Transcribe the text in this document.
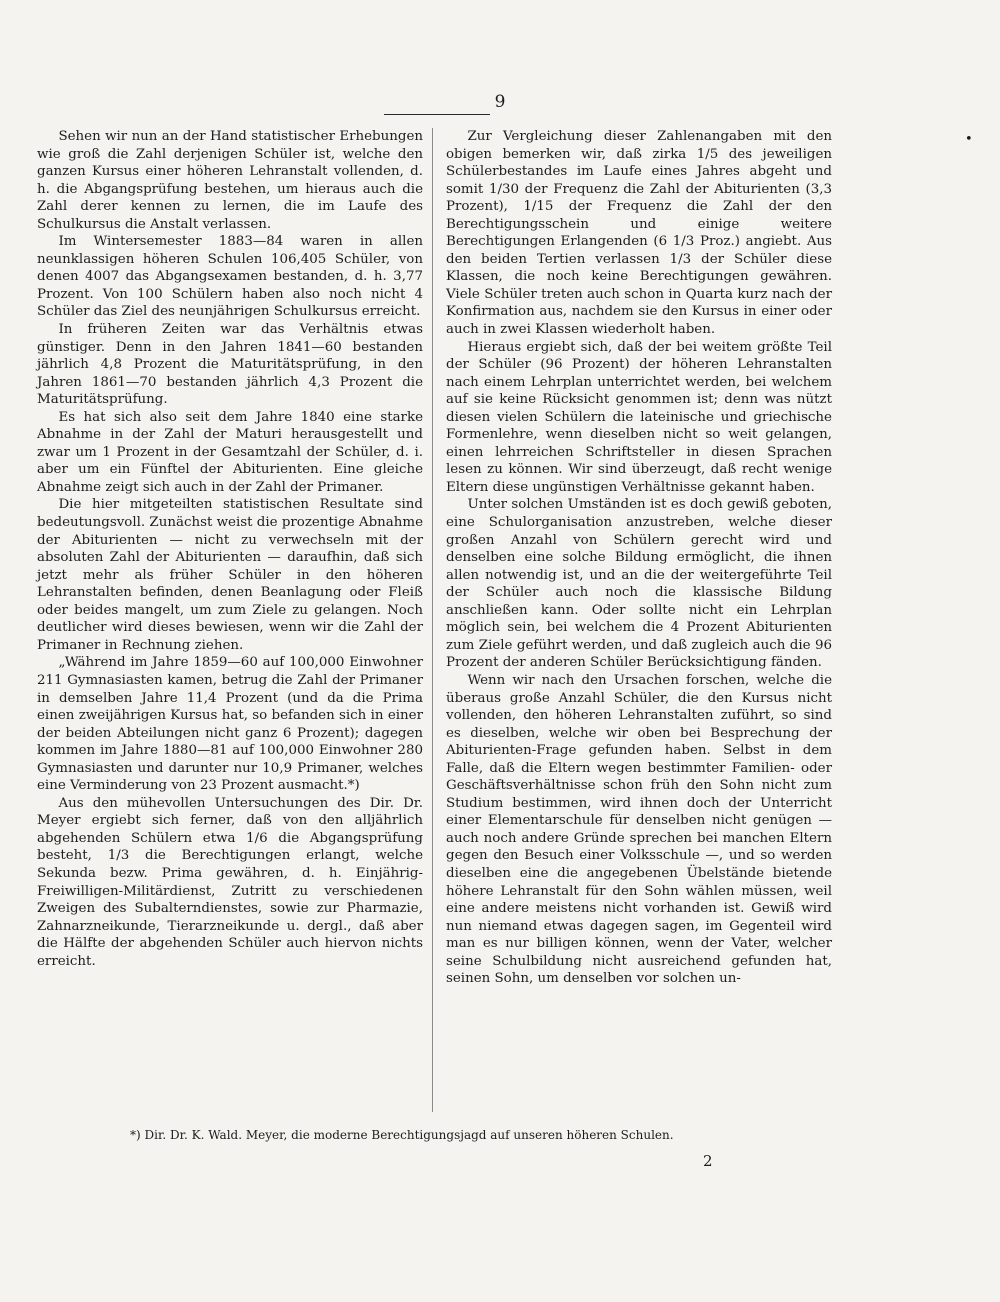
9
•

Sehen wir nun an der Hand statistischer Erhebungen wie groß die Zahl derjenigen Schüler ist, welche den ganzen Kursus einer höheren Lehranstalt vollenden, d. h. die Abgangsprüfung bestehen, um hieraus auch die Zahl derer kennen zu lernen, die im Laufe des Schulkursus die Anstalt verlassen.

Im Wintersemester 1883—84 waren in allen neunklassigen höheren Schulen 106,405 Schüler, von denen 4007 das Abgangsexamen bestanden, d. h. 3,77 Prozent. Von 100 Schülern haben also noch nicht 4 Schüler das Ziel des neunjährigen Schulkursus erreicht.

In früheren Zeiten war das Verhältnis etwas günstiger. Denn in den Jahren 1841—60 bestanden jährlich 4,8 Prozent die Maturitätsprüfung, in den Jahren 1861—70 bestanden jährlich 4,3 Prozent die Maturitätsprüfung.

Es hat sich also seit dem Jahre 1840 eine starke Abnahme in der Zahl der Maturi herausgestellt und zwar um 1 Prozent in der Gesamtzahl der Schüler, d. i. aber um ein Fünftel der Abiturienten. Eine gleiche Abnahme zeigt sich auch in der Zahl der Primaner.

Die hier mitgeteilten statistischen Resultate sind bedeutungsvoll. Zunächst weist die prozentige Abnahme der Abiturienten — nicht zu verwechseln mit der absoluten Zahl der Abiturienten — daraufhin, daß sich jetzt mehr als früher Schüler in den höheren Lehranstalten befinden, denen Beanlagung oder Fleiß oder beides mangelt, um zum Ziele zu gelangen. Noch deutlicher wird dieses bewiesen, wenn wir die Zahl der Primaner in Rechnung ziehen.

„Während im Jahre 1859—60 auf 100,000 Einwohner 211 Gymnasiasten kamen, betrug die Zahl der Primaner in demselben Jahre 11,4 Prozent (und da die Prima einen zweijährigen Kursus hat, so befanden sich in einer der beiden Abteilungen nicht ganz 6 Prozent); dagegen kommen im Jahre 1880—81 auf 100,000 Einwohner 280 Gymnasiasten und darunter nur 10,9 Primaner, welches eine Verminderung von 23 Prozent ausmacht.*)

Aus den mühevollen Untersuchungen des Dir. Dr. Meyer ergiebt sich ferner, daß von den alljährlich abgehenden Schülern etwa 1/6 die Abgangsprüfung besteht, 1/3 die Berechtigungen erlangt, welche Sekunda bezw. Prima gewähren, d. h. Einjährig-Freiwilligen-Militärdienst, Zutritt zu verschiedenen Zweigen des Subalterndienstes, sowie zur Pharmazie, Zahnarzneikunde, Tierarzneikunde u. dergl., daß aber die Hälfte der abgehenden Schüler auch hiervon nichts erreicht.

Zur Vergleichung dieser Zahlenangaben mit den obigen bemerken wir, daß zirka 1/5 des jeweiligen Schülerbestandes im Laufe eines Jahres abgeht und somit 1/30 der Frequenz die Zahl der Abiturienten (3,3 Prozent), 1/15 der Frequenz die Zahl der den Berechtigungsschein und einige weitere Berechtigungen Erlangenden (6 1/3 Proz.) angiebt. Aus den beiden Tertien verlassen 1/3 der Schüler diese Klassen, die noch keine Berechtigungen gewähren. Viele Schüler treten auch schon in Quarta kurz nach der Konfirmation aus, nachdem sie den Kursus in einer oder auch in zwei Klassen wiederholt haben.

Hieraus ergiebt sich, daß der bei weitem größte Teil der Schüler (96 Prozent) der höheren Lehranstalten nach einem Lehrplan unterrichtet werden, bei welchem auf sie keine Rücksicht genommen ist; denn was nützt diesen vielen Schülern die lateinische und griechische Formenlehre, wenn dieselben nicht so weit gelangen, einen lehrreichen Schriftsteller in diesen Sprachen lesen zu können. Wir sind überzeugt, daß recht wenige Eltern diese ungünstigen Verhältnisse gekannt haben.

Unter solchen Umständen ist es doch gewiß geboten, eine Schulorganisation anzustreben, welche dieser großen Anzahl von Schülern gerecht wird und denselben eine solche Bildung ermöglicht, die ihnen allen notwendig ist, und an die der weitergeführte Teil der Schüler auch noch die klassische Bildung anschließen kann. Oder sollte nicht ein Lehrplan möglich sein, bei welchem die 4 Prozent Abiturienten zum Ziele geführt werden, und daß zugleich auch die 96 Prozent der anderen Schüler Berücksichtigung fänden.

Wenn wir nach den Ursachen forschen, welche die überaus große Anzahl Schüler, die den Kursus nicht vollenden, den höheren Lehranstalten zuführt, so sind es dieselben, welche wir oben bei Besprechung der Abiturienten-Frage gefunden haben. Selbst in dem Falle, daß die Eltern wegen bestimmter Familien- oder Geschäftsverhältnisse schon früh den Sohn nicht zum Studium bestimmen, wird ihnen doch der Unterricht einer Elementarschule für denselben nicht genügen — auch noch andere Gründe sprechen bei manchen Eltern gegen den Besuch einer Volksschule —, und so werden dieselben eine die angegebenen Übelstände bietende höhere Lehranstalt für den Sohn wählen müssen, weil eine andere meistens nicht vorhanden ist. Gewiß wird nun niemand etwas dagegen sagen, im Gegenteil wird man es nur billigen können, wenn der Vater, welcher seine Schulbildung nicht ausreichend gefunden hat, seinen Sohn, um denselben vor solchen un-

*) Dir. Dr. K. Wald. Meyer, die moderne Berechtigungsjagd auf unseren höheren Schulen.
2
